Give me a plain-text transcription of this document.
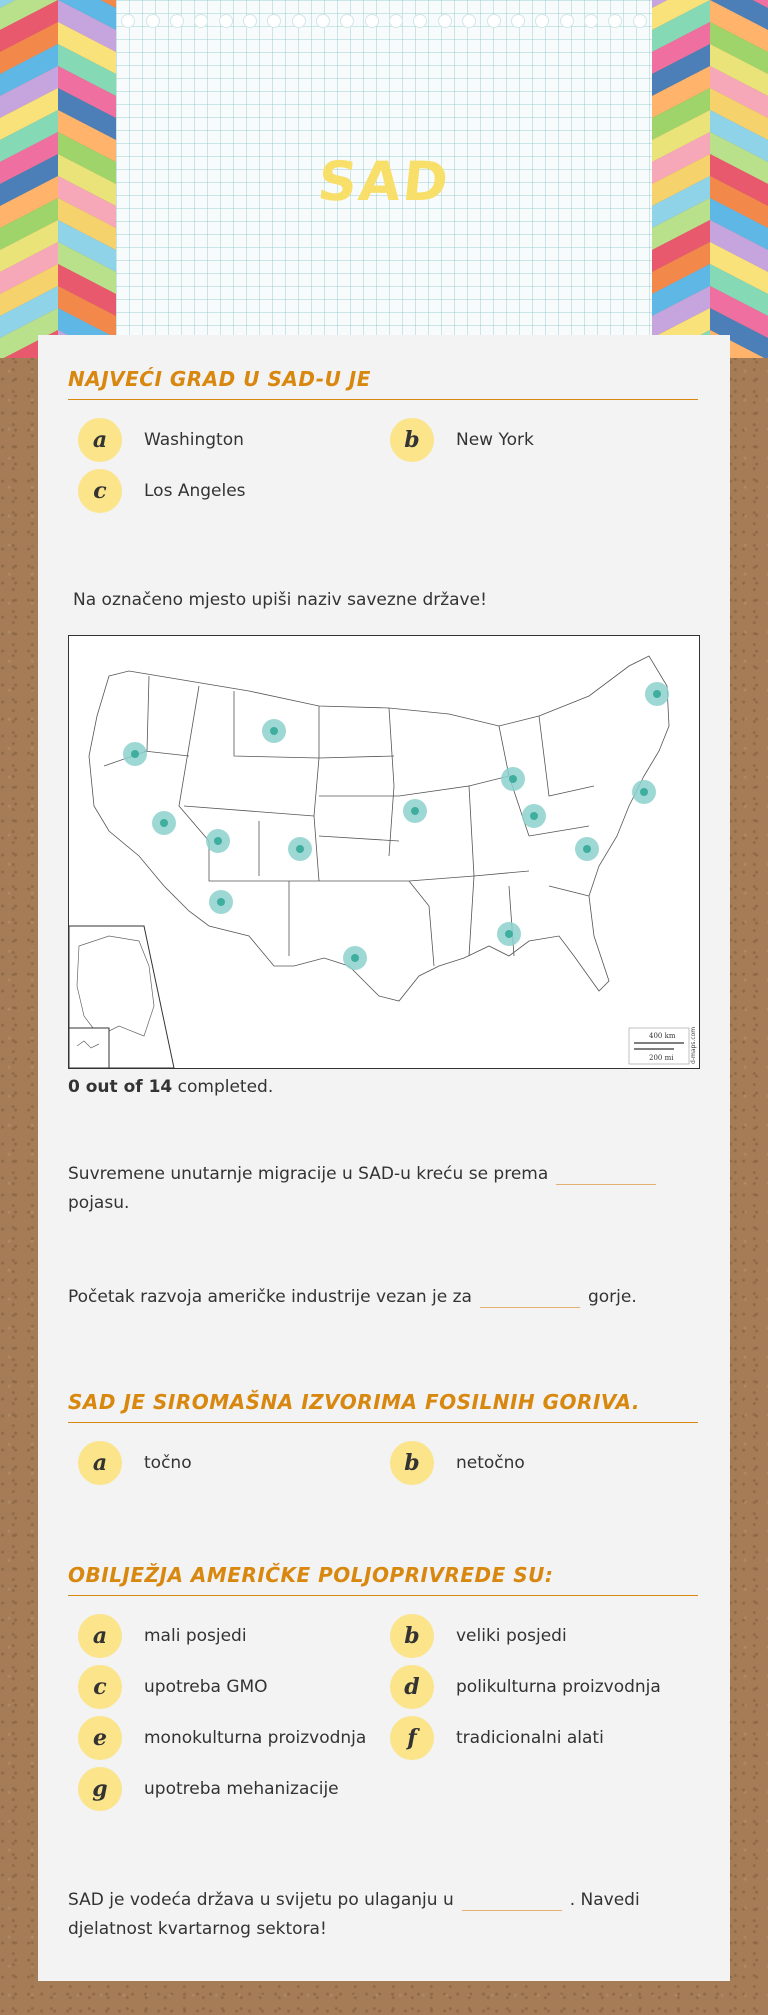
SAD
NAJVEĆI GRAD U SAD-U JE
a	Washington	b	New York
c	Los Angeles

Na označeno mjesto upiši naziv savezne države!

400 km
200 mi	d-maps.com
0 out of 14 completed.

Suvremene unutarnje migracije u SAD-u kreću se prema
pojasu.

Početak razvoja američke industrije vezan je za	gorje.

SAD JE SIROMAŠNA IZVORIMA FOSILNIH GORIVA.
a	točno	b	netočno
OBILJEŽJA AMERIČKE POLJOPRIVREDE SU:
a	mali posjedi	b	veliki posjedi
c	upotreba GMO	d	polikulturna proizvodnja
e	monokulturna proizvodnja	f	tradicionalni alati
g	upotreba mehanizacije

SAD je vodeća država u svijetu po ulaganju u	. Navedi djelatnost kvartarnog sektora!
